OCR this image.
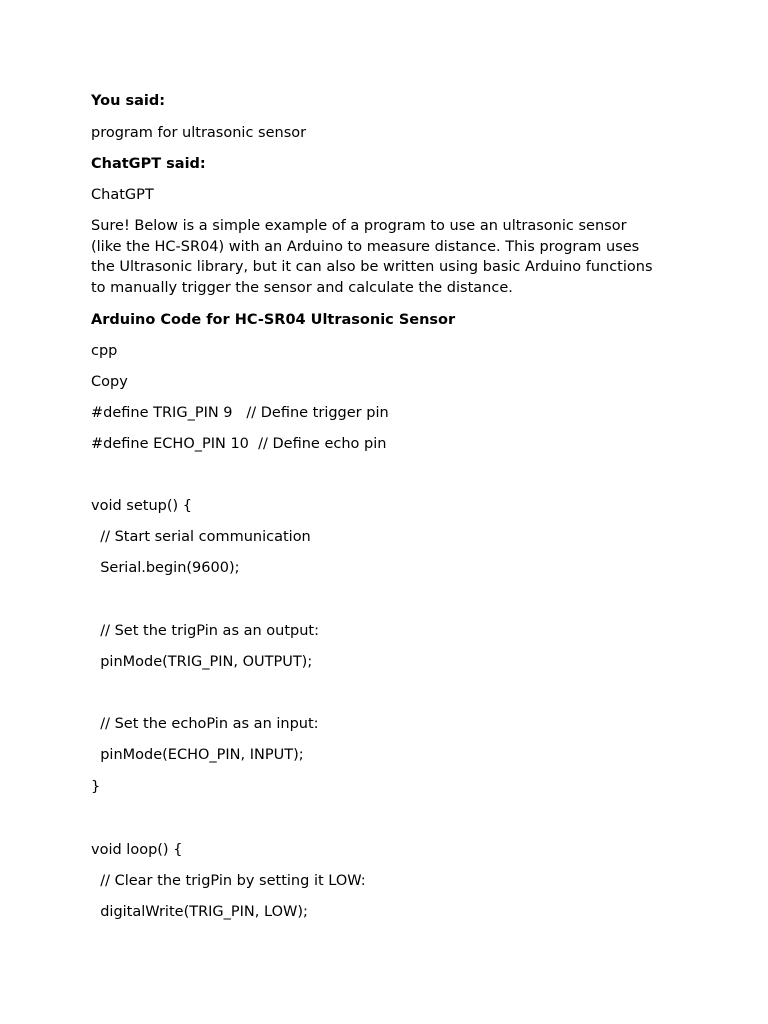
You said:

program for ultrasonic sensor

ChatGPT said:

ChatGPT

Sure! Below is a simple example of a program to use an ultrasonic sensor
(like the HC-SR04) with an Arduino to measure distance. This program uses
the Ultrasonic library, but it can also be written using basic Arduino functions
to manually trigger the sensor and calculate the distance.

Arduino Code for HC-SR04 Ultrasonic Sensor

cpp

Copy

#define TRIG_PIN 9   // Define trigger pin

#define ECHO_PIN 10  // Define echo pin

void setup() {

// Start serial communication

Serial.begin(9600);

// Set the trigPin as an output:

pinMode(TRIG_PIN, OUTPUT);

// Set the echoPin as an input:

pinMode(ECHO_PIN, INPUT);

}

void loop() {

// Clear the trigPin by setting it LOW:

digitalWrite(TRIG_PIN, LOW);
